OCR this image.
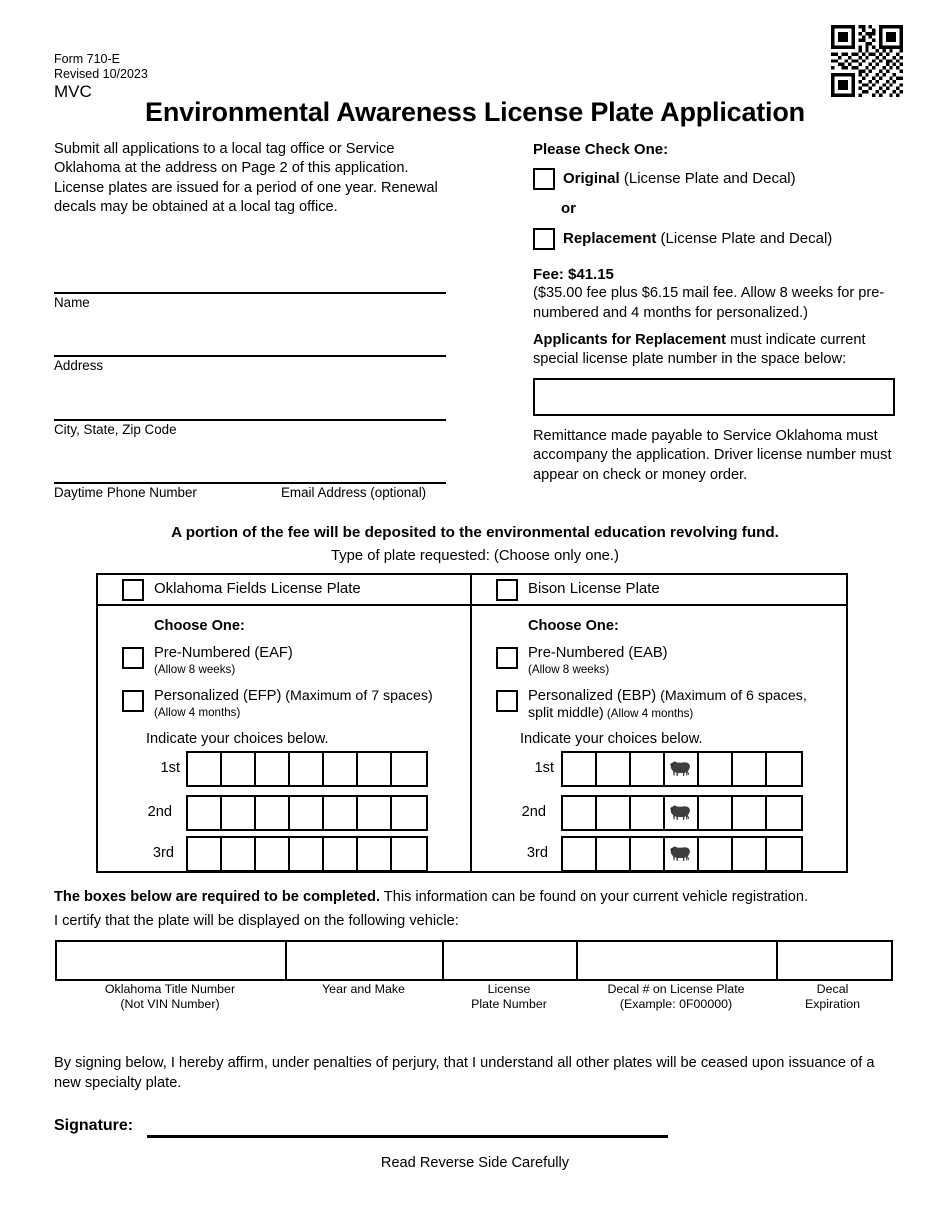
Form 710-E
Revised 10/2023
MVC
Environmental Awareness License Plate Application
Submit all applications to a local tag office or Service Oklahoma at the address on Page 2 of this application. License plates are issued for a period of one year. Renewal decals may be obtained at a local tag office.
Name
Address
City, State, Zip Code
Daytime Phone Number	Email Address (optional)
Please Check One:
Original (License Plate and Decal)
or
Replacement (License Plate and Decal)
Fee: $41.15
($35.00 fee plus $6.15 mail fee. Allow 8 weeks for pre-numbered and 4 months for personalized.)
Applicants for Replacement must indicate current special license plate number in the space below:
Remittance made payable to Service Oklahoma must accompany the application. Driver license number must appear on check or money order.
A portion of the fee will be deposited to the environmental education revolving fund.
Type of plate requested: (Choose only one.)
Oklahoma Fields License Plate
Choose One:
Pre-Numbered (EAF)
(Allow 8 weeks)
Personalized (EFP) (Maximum of 7 spaces)
(Allow 4 months)
Indicate your choices below.
1st
2nd
3rd
Bison License Plate
Choose One:
Pre-Numbered (EAB)
(Allow 8 weeks)
Personalized (EBP) (Maximum of 6 spaces,
split middle) (Allow 4 months)
Indicate your choices below.
1st
2nd
3rd
The boxes below are required to be completed. This information can be found on your current vehicle registration.
I certify that the plate will be displayed on the following vehicle:
Oklahoma Title Number
(Not VIN Number)
Year and Make	License
Plate Number
Decal # on License Plate
(Example: 0F00000)
Decal
Expiration
By signing below, I hereby affirm, under penalties of perjury, that I understand all other plates will be ceased upon issuance of a new specialty plate.
Signature:
Read Reverse Side Carefully
